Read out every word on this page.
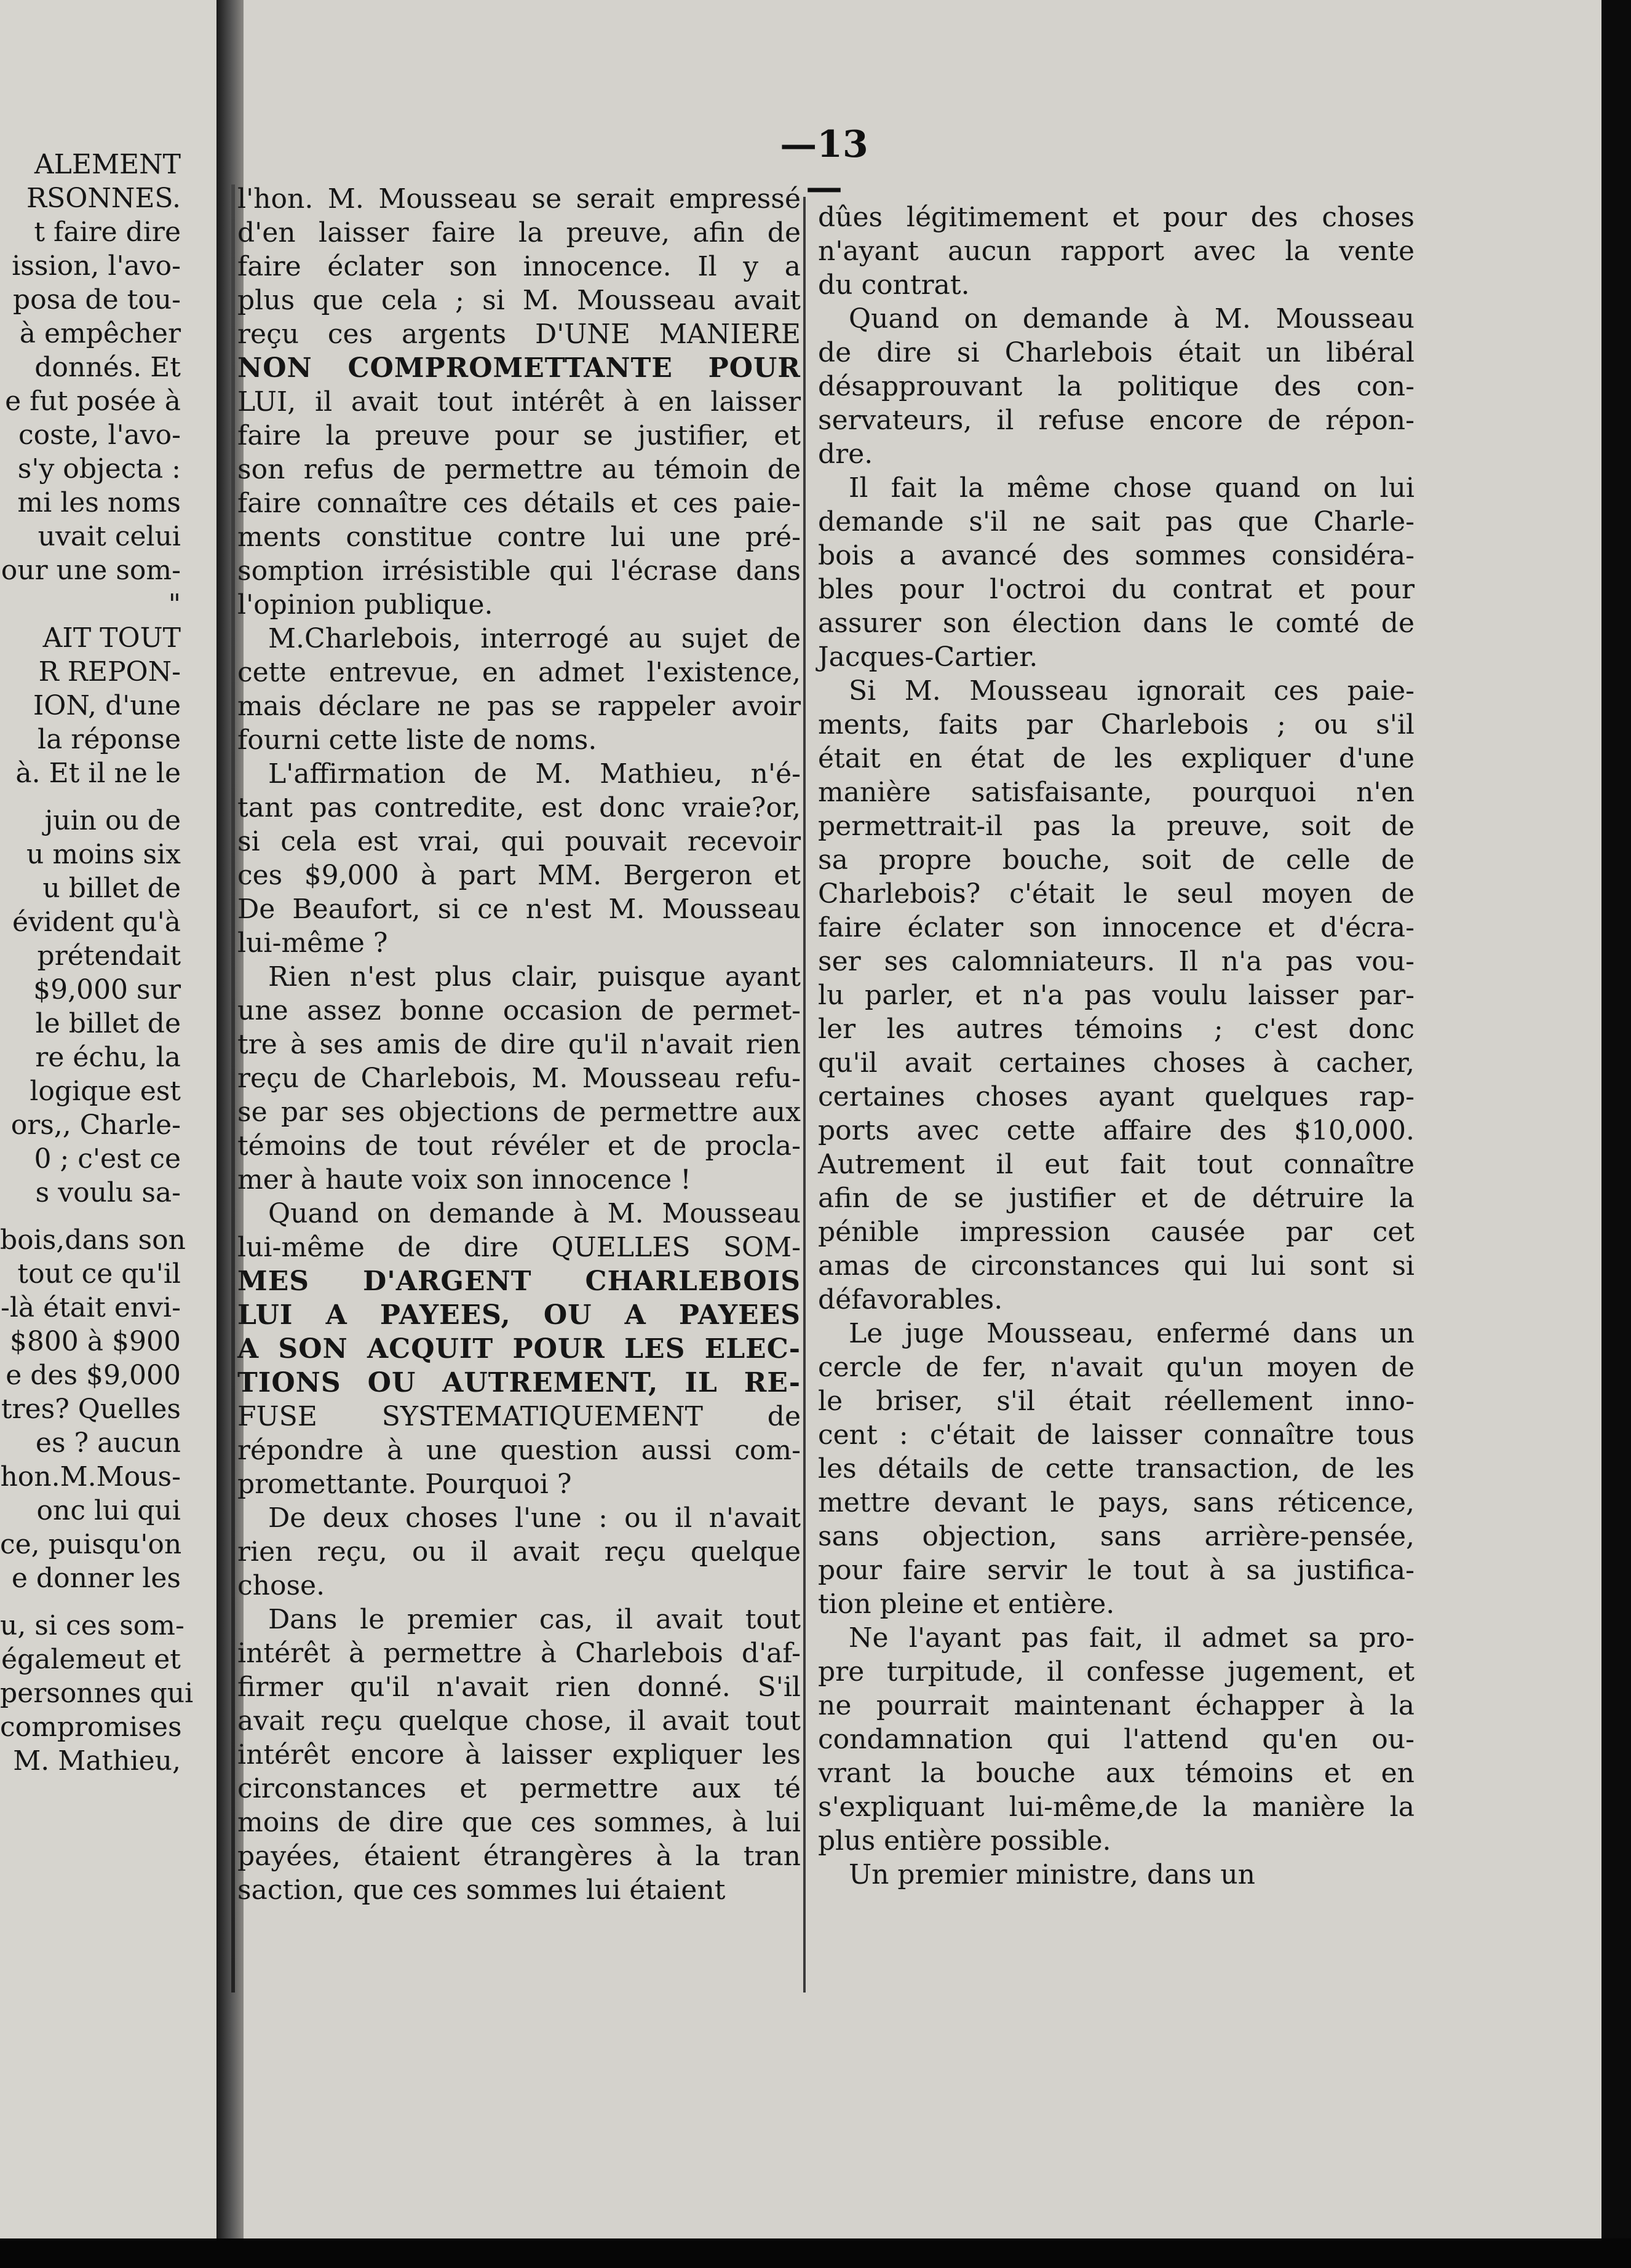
ALEMENT

RSONNES.

t faire dire

ission, l'avo-

posa de tou-

à empêcher

donnés. Et

e fut posée à

coste, l'avo-

s'y objecta :

mi les noms

uvait celui

our une som-

"

AIT TOUT

R REPON-

ION, d'une

la réponse

à. Et il ne le

juin ou de

u moins six

u billet de

évident qu'à

prétendait

$9,000 sur

le billet de

re échu, la

logique est

ors,, Charle-

0 ; c'est ce

s voulu sa-

bois,dans son

tout ce qu'il

-là était envi-

$800 à $900

e des $9,000

tres? Quelles

es ? aucun

hon.M.Mous-

onc lui qui

ce, puisqu'on

e donner les

u, si ces som-

égalemeut et

personnes qui

compromises

M. Mathieu,

—13—

l'hon. M. Mousseau se serait empressé

d'en laisser faire la preuve, afin de

faire éclater son innocence. Il y a

plus que cela ; si M. Mousseau avait

reçu ces argents D'UNE MANIERE

NON COMPROMETTANTE POUR

LUI, il avait tout intérêt à en laisser

faire la preuve pour se justifier, et

son refus de permettre au témoin de

faire connaître ces détails et ces paie-

ments constitue contre lui une pré-

somption irrésistible qui l'écrase dans

l'opinion publique.

M.Charlebois, interrogé au sujet de

cette entrevue, en admet l'existence,

mais déclare ne pas se rappeler avoir

fourni cette liste de noms.

L'affirmation de M. Mathieu, n'é-

tant pas contredite, est donc vraie?or,

si cela est vrai, qui pouvait recevoir

ces $9,000 à part MM. Bergeron et

De Beaufort, si ce n'est M. Mousseau

lui-même ?

Rien n'est plus clair, puisque ayant

une assez bonne occasion de permet-

tre à ses amis de dire qu'il n'avait rien

reçu de Charlebois, M. Mousseau refu-

se par ses objections de permettre aux

témoins de tout révéler et de procla-

mer à haute voix son innocence !

Quand on demande à M. Mousseau

lui-même de dire QUELLES SOM-

MES D'ARGENT CHARLEBOIS

LUI A PAYEES, OU A PAYEES

A SON ACQUIT POUR LES ELEC-

TIONS OU AUTREMENT, IL RE-

FUSE SYSTEMATIQUEMENT de

répondre à une question aussi com-

promettante. Pourquoi ?

De deux choses l'une : ou il n'avait

rien reçu, ou il avait reçu quelque

chose.

Dans le premier cas, il avait tout

intérêt à permettre à Charlebois d'af-

firmer qu'il n'avait rien donné. S'il

avait reçu quelque chose, il avait tout

intérêt encore à laisser expliquer les

circonstances et permettre aux té

moins de dire que ces sommes, à lui

payées, étaient étrangères à la tran

saction, que ces sommes lui étaient

dûes légitimement et pour des choses

n'ayant aucun rapport avec la vente

du contrat.

Quand on demande à M. Mousseau

de dire si Charlebois était un libéral

désapprouvant la politique des con-

servateurs, il refuse encore de répon-

dre.

Il fait la même chose quand on lui

demande s'il ne sait pas que Charle-

bois a avancé des sommes considéra-

bles pour l'octroi du contrat et pour

assurer son élection dans le comté de

Jacques-Cartier.

Si M. Mousseau ignorait ces paie-

ments, faits par Charlebois ; ou s'il

était en état de les expliquer d'une

manière satisfaisante, pourquoi n'en

permettrait-il pas la preuve, soit de

sa propre bouche, soit de celle de

Charlebois? c'était le seul moyen de

faire éclater son innocence et d'écra-

ser ses calomniateurs. Il n'a pas vou-

lu parler, et n'a pas voulu laisser par-

ler les autres témoins ; c'est donc

qu'il avait certaines choses à cacher,

certaines choses ayant quelques rap-

ports avec cette affaire des $10,000.

Autrement il eut fait tout connaître

afin de se justifier et de détruire la

pénible impression causée par cet

amas de circonstances qui lui sont si

défavorables.

Le juge Mousseau, enfermé dans un

cercle de fer, n'avait qu'un moyen de

le briser, s'il était réellement inno-

cent : c'était de laisser connaître tous

les détails de cette transaction, de les

mettre devant le pays, sans réticence,

sans objection, sans arrière-pensée,

pour faire servir le tout à sa justifica-

tion pleine et entière.

Ne l'ayant pas fait, il admet sa pro-

pre turpitude, il confesse jugement, et

ne pourrait maintenant échapper à la

condamnation qui l'attend qu'en ou-

vrant la bouche aux témoins et en

s'expliquant lui-même,de la manière la

plus entière possible.

Un premier ministre, dans un
